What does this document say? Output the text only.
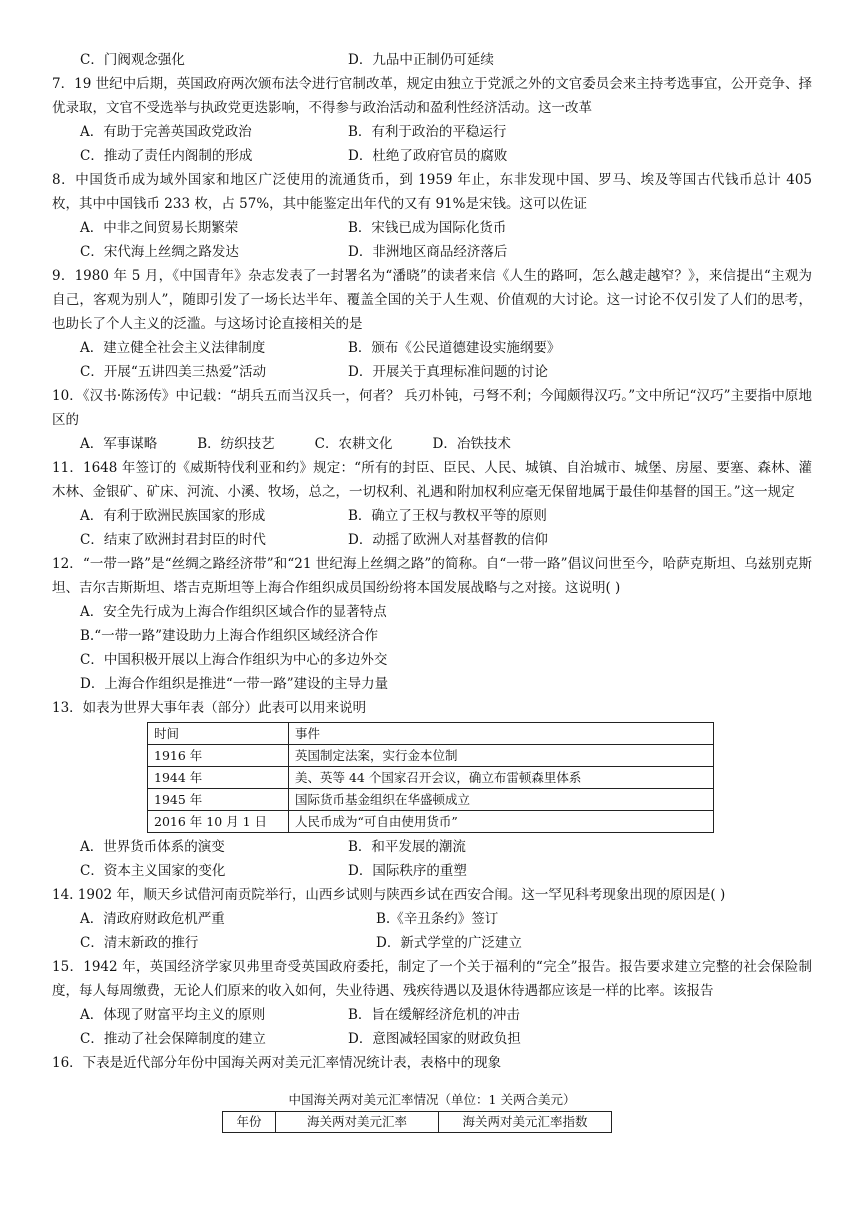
C．门阀观念强化	D．九品中正制仍可延续
7．19 世纪中后期，英国政府两次颁布法令进行官制改革，规定由独立于党派之外的文官委员会来主持考选事宜，公开竞争、择优录取，文官不受选举与执政党更迭影响，不得参与政治活动和盈利性经济活动。这一改革
A．有助于完善英国政党政治	B．有利于政治的平稳运行
C．推动了责任内阁制的形成	D．杜绝了政府官员的腐败
8．中国货币成为域外国家和地区广泛使用的流通货币，到 1959 年止，东非发现中国、罗马、埃及等国古代钱币总计 405 枚，其中中国钱币 233 枚，占 57%，其中能鉴定出年代的又有 91%是宋钱。这可以佐证
A．中非之间贸易长期繁荣	B．宋钱已成为国际化货币
C．宋代海上丝绸之路发达	D．非洲地区商品经济落后
9．1980 年 5 月，《中国青年》杂志发表了一封署名为“潘晓”的读者来信《人生的路呵，怎么越走越窄？》，来信提出“主观为自己，客观为别人”，随即引发了一场长达半年、覆盖全国的关于人生观、价值观的大讨论。这一讨论不仅引发了人们的思考，也助长了个人主义的泛滥。与这场讨论直接相关的是
A．建立健全社会主义法律制度	B．颁布《公民道德建设实施纲要》
C．开展“五讲四美三热爱”活动	D．开展关于真理标准问题的讨论
10．《汉书·陈汤传》中记载：“胡兵五而当汉兵一，何者？ 兵刃朴钝，弓弩不利；今闻颇得汉巧。”文中所记“汉巧”主要指中原地区的
A．军事谋略	B．纺织技艺	C．农耕文化	D．冶铁技术
11．1648 年签订的《威斯特伐利亚和约》规定：“所有的封臣、臣民、人民、城镇、自治城市、城堡、房屋、要塞、森林、灌木林、金银矿、矿床、河流、小溪、牧场，总之，一切权利、礼遇和附加权利应毫无保留地属于最佳仰基督的国王。”这一规定
A．有利于欧洲民族国家的形成	B．确立了王权与教权平等的原则
C．结束了欧洲封君封臣的时代	D．动摇了欧洲人对基督教的信仰
12．“一带一路”是“丝绸之路经济带”和“21 世纪海上丝绸之路”的简称。自“一带一路”倡议问世至今，哈萨克斯坦、乌兹别克斯坦、吉尔吉斯斯坦、塔吉克斯坦等上海合作组织成员国纷纷将本国发展战略与之对接。这说明( )
A．安全先行成为上海合作组织区域合作的显著特点
B.“一带一路”建设助力上海合作组织区域经济合作
C．中国积极开展以上海合作组织为中心的多边外交
D．上海合作组织是推进“一带一路”建设的主导力量
13．如表为世界大事年表（部分）此表可以用来说明
时间	事件
1916 年	英国制定法案，实行金本位制
1944 年	美、英等 44 个国家召开会议，确立布雷顿森里体系
1945 年	国际货币基金组织在华盛顿成立
2016 年 10 月 1 日	人民币成为“可自由使用货币”
A．世界货币体系的演变	B．和平发展的潮流
C．资本主义国家的变化	D．国际秩序的重塑
14. 1902 年，顺天乡试借河南贡院举行，山西乡试则与陕西乡试在西安合闱。这一罕见科考现象出现的原因是( )
A．清政府财政危机严重	B.《辛丑条约》签订
C．清末新政的推行	D．新式学堂的广泛建立
15．1942 年，英国经济学家贝弗里奇受英国政府委托，制定了一个关于福利的“完全”报告。报告要求建立完整的社会保险制度，每人每周缴费，无论人们原来的收入如何，失业待遇、残疾待遇以及退休待遇都应该是一样的比率。该报告
A．体现了财富平均主义的原则	B．旨在缓解经济危机的冲击
C．推动了社会保障制度的建立	D．意图减轻国家的财政负担
16．下表是近代部分年份中国海关两对美元汇率情况统计表，表格中的现象
中国海关两对美元汇率情况（单位：1 关两合美元）
年份	海关两对美元汇率	海关两对美元汇率指数
